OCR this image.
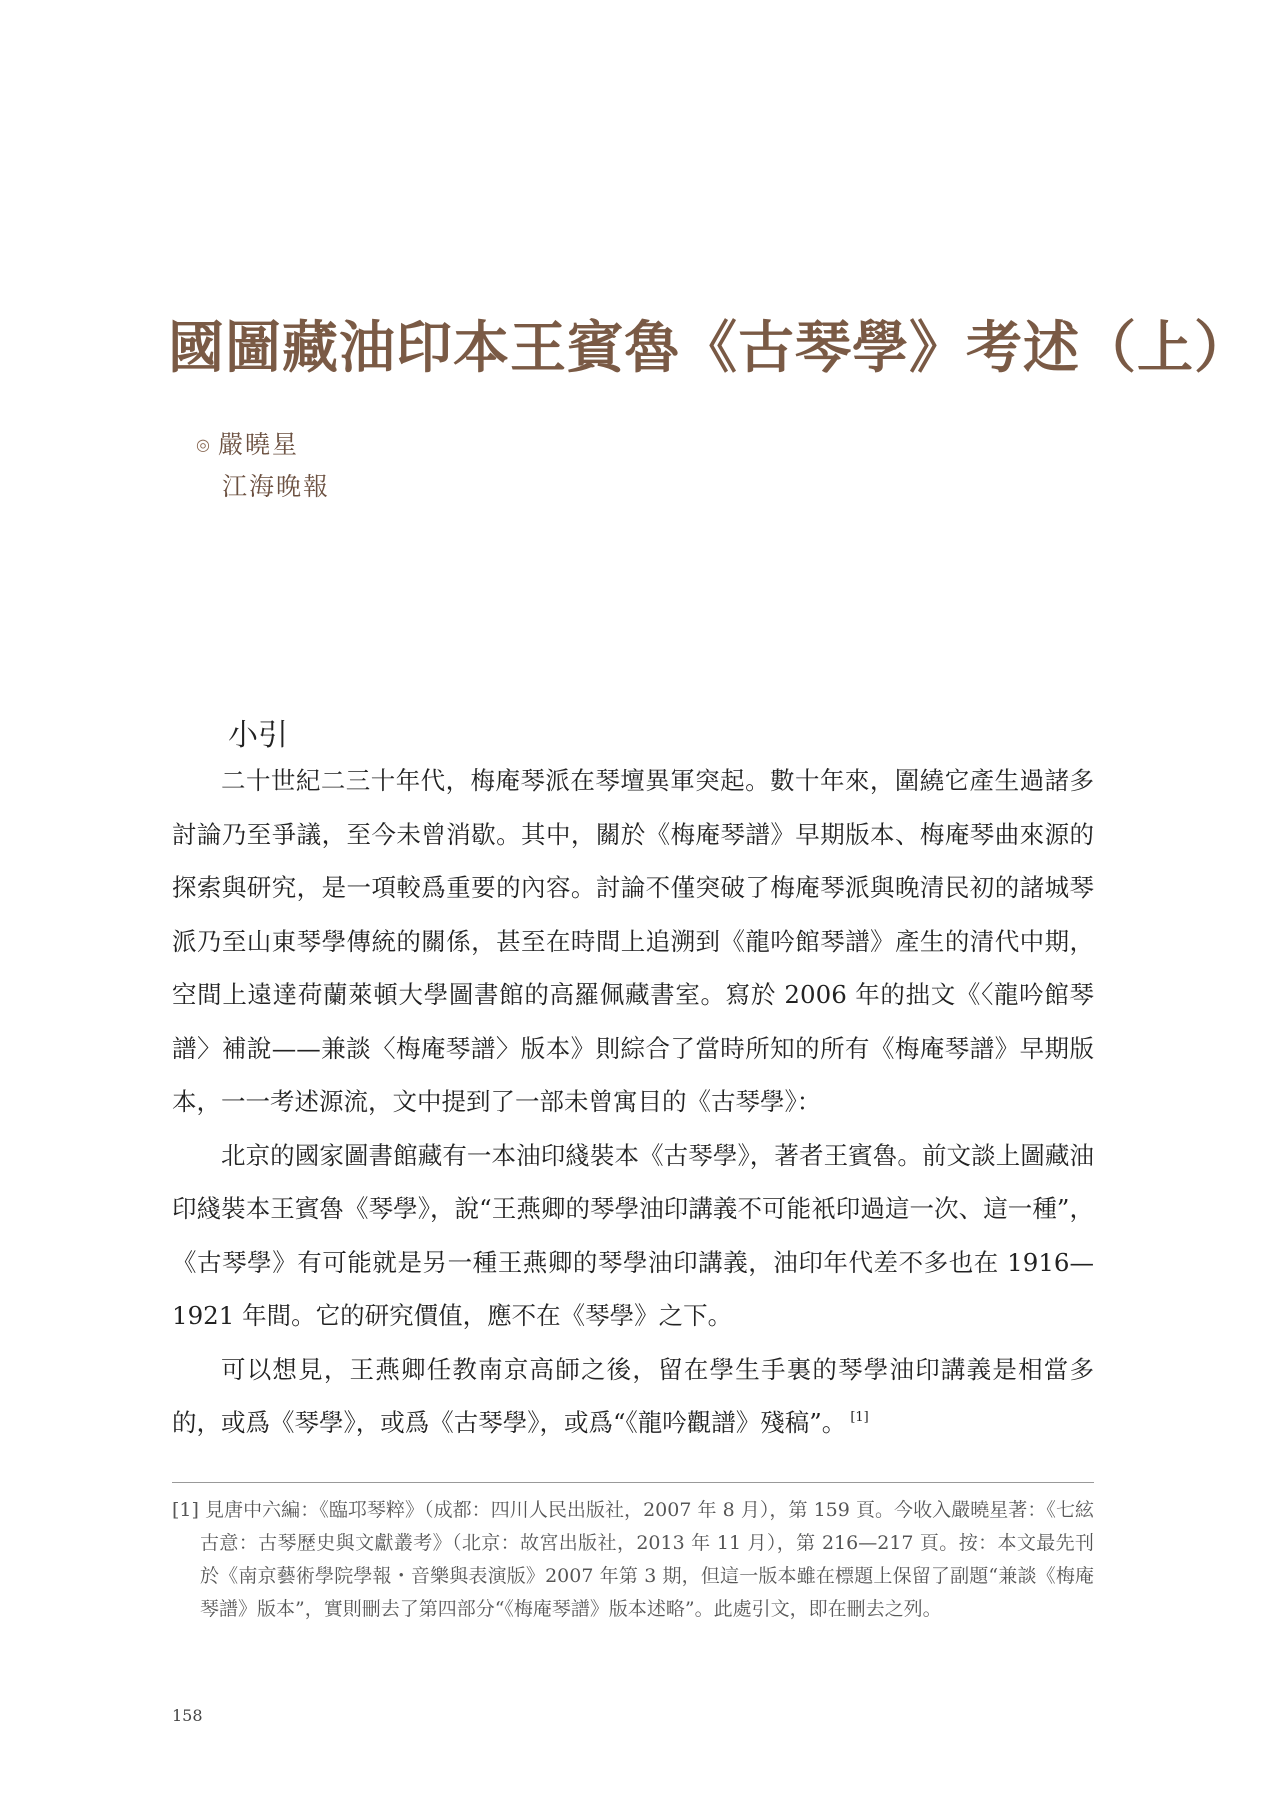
國圖藏油印本王賓魯《古琴學》考述（上）
◎ 嚴曉星
江海晚報
小引

二十世紀二三十年代，梅庵琴派在琴壇異軍突起。數十年來，圍繞它產生過諸多討論乃至爭議，至今未曾消歇。其中，關於《梅庵琴譜》早期版本、梅庵琴曲來源的探索與研究，是一項較爲重要的內容。討論不僅突破了梅庵琴派與晚清民初的諸城琴派乃至山東琴學傳統的關係，甚至在時間上追溯到《龍吟館琴譜》產生的清代中期，空間上遠達荷蘭萊頓大學圖書館的高羅佩藏書室。寫於 2006 年的拙文《〈龍吟館琴譜〉補說——兼談〈梅庵琴譜〉版本》則綜合了當時所知的所有《梅庵琴譜》早期版本，一一考述源流，文中提到了一部未曾寓目的《古琴學》：

北京的國家圖書館藏有一本油印綫裝本《古琴學》，著者王賓魯。前文談上圖藏油印綫裝本王賓魯《琴學》，說“王燕卿的琴學油印講義不可能衹印過這一次、這一種”，《古琴學》有可能就是另一種王燕卿的琴學油印講義，油印年代差不多也在 1916—1921 年間。它的研究價值，應不在《琴學》之下。

可以想見，王燕卿任教南京高師之後，留在學生手裏的琴學油印講義是相當多的，或爲《琴學》，或爲《古琴學》，或爲“《龍吟觀譜》殘稿”。 [1]

[1] 見唐中六編：《臨邛琴粹》（成都：四川人民出版社，2007 年 8 月），第 159 頁。今收入嚴曉星著：《七絃古意：古琴歷史與文獻叢考》（北京：故宮出版社，2013 年 11 月），第 216—217 頁。按：本文最先刊於《南京藝術學院學報・音樂與表演版》2007 年第 3 期，但這一版本雖在標題上保留了副題“兼談《梅庵琴譜》版本”，實則刪去了第四部分“《梅庵琴譜》版本述略”。此處引文，即在刪去之列。
158
